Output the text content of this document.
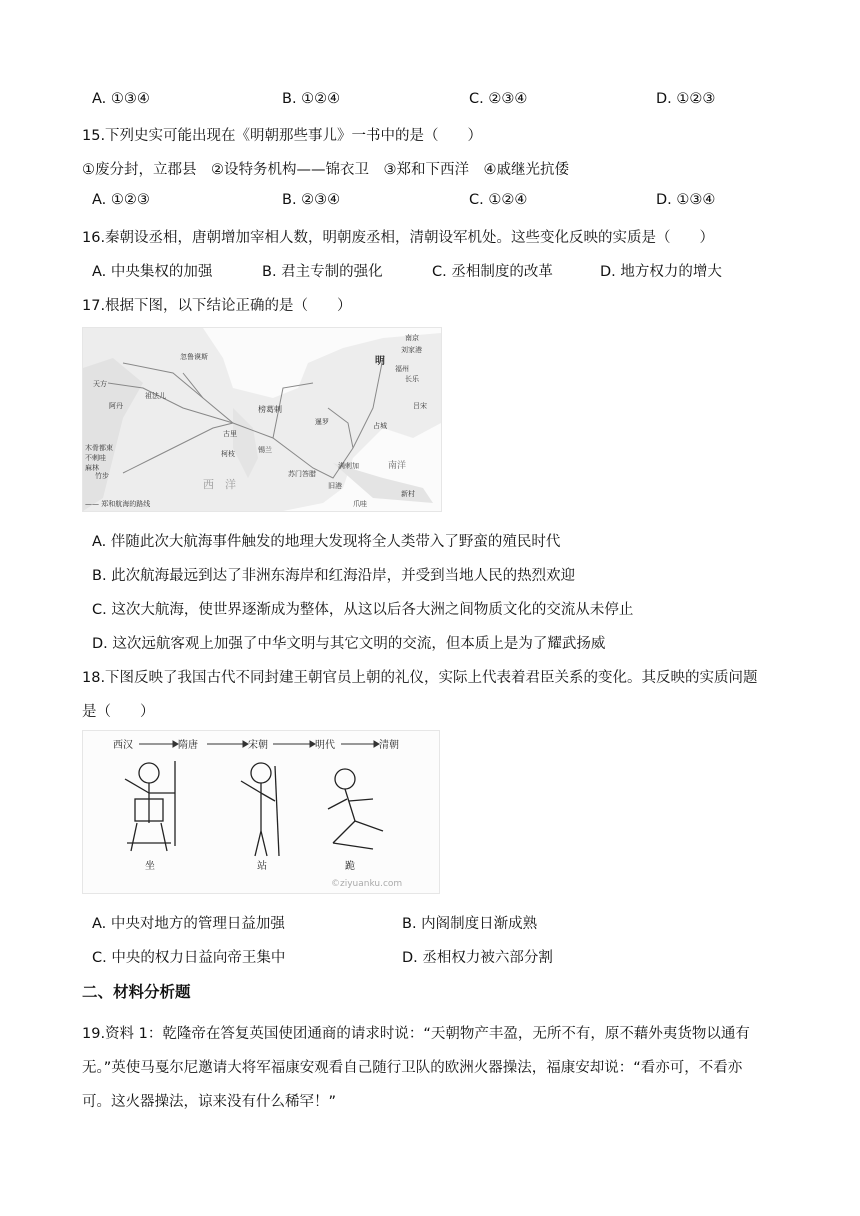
A. ①③④	B. ①②④	C. ②③④	D. ①②③
15.下列史实可能出现在《明朝那些事儿》一书中的是（　　）
①废分封，立郡县　②设特务机构——锦衣卫　③郑和下西洋　④戚继光抗倭
A. ①②③	B. ②③④	C. ①②④	D. ①③④
16.秦朝设丞相，唐朝增加宰相人数，明朝废丞相，清朝设军机处。这些变化反映的实质是（　　）
A. 中央集权的加强	B. 君主专制的强化	C. 丞相制度的改革	D. 地方权力的增大
17.根据下图，以下结论正确的是（　　）
南京
刘家港
福州
长乐
明
忽鲁谟斯
天方
祖法儿
阿丹
古里
柯枝	锡兰
榜葛剌
暹罗	占城
满剌加
苏门答腊
旧港
爪哇
新村
木骨都束
不剌哇
麻林
竹步
吕宋
西　洋
南洋
—— 郑和航海的路线
A. 伴随此次大航海事件触发的地理大发现将全人类带入了野蛮的殖民时代
B. 此次航海最远到达了非洲东海岸和红海沿岸，并受到当地人民的热烈欢迎
C. 这次大航海，使世界逐渐成为整体，从这以后各大洲之间物质文化的交流从未停止
D. 这次远航客观上加强了中华文明与其它文明的交流，但本质上是为了耀武扬威
18.下图反映了我国古代不同封建王朝官员上朝的礼仪，实际上代表着君臣关系的变化。其反映的实质问题
是（　　）
西汉	隋唐	宋朝	明代	清朝
坐	站	跪
©ziyuanku.com
A. 中央对地方的管理日益加强	B. 内阁制度日渐成熟
C. 中央的权力日益向帝王集中	D. 丞相权力被六部分割
二、材料分析题
19.资料 1：乾隆帝在答复英国使团通商的请求时说：“天朝物产丰盈，无所不有，原不藉外夷货物以通有
无。”英使马戛尔尼邀请大将军福康安观看自己随行卫队的欧洲火器操法，福康安却说：“看亦可，不看亦
可。这火器操法，谅来没有什么稀罕！”
